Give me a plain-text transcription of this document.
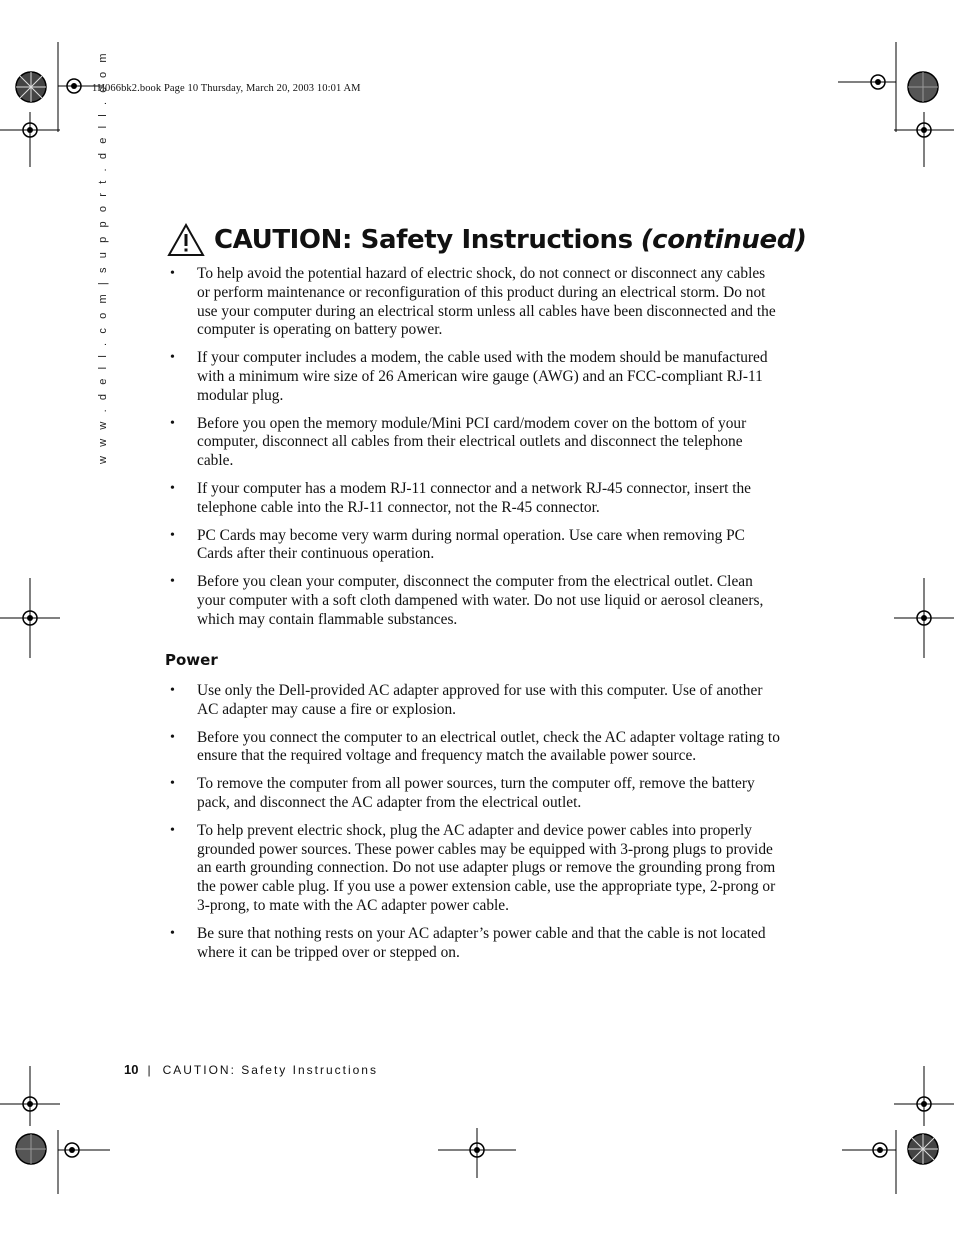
1H066bk2.book Page 10 Thursday, March 20, 2003 10:01 AM
w w w . d e l l . c o m | s u p p o r t . d e l l . c o m	CAUTION: Safety Instructions (continued)
• To help avoid the potential hazard of electric shock, do not connect or disconnect any cables or perform maintenance or reconfiguration of this product during an electrical storm. Do not use your computer during an electrical storm unless all cables have been disconnected and the computer is operating on battery power.
• If your computer includes a modem, the cable used with the modem should be manufactured with a minimum wire size of 26 American wire gauge (AWG) and an FCC-compliant RJ-11 modular plug.
• Before you open the memory module/Mini PCI card/modem cover on the bottom of your computer, disconnect all cables from their electrical outlets and disconnect the telephone cable.
• If your computer has a modem RJ-11 connector and a network RJ-45 connector, insert the telephone cable into the RJ-11 connector, not the R-45 connector.
• PC Cards may become very warm during normal operation. Use care when removing PC Cards after their continuous operation.
• Before you clean your computer, disconnect the computer from the electrical outlet. Clean your computer with a soft cloth dampened with water. Do not use liquid or aerosol cleaners, which may contain flammable substances.
Power
• Use only the Dell-provided AC adapter approved for use with this computer. Use of another AC adapter may cause a fire or explosion.
• Before you connect the computer to an electrical outlet, check the AC adapter voltage rating to ensure that the required voltage and frequency match the available power source.
• To remove the computer from all power sources, turn the computer off, remove the battery pack, and disconnect the AC adapter from the electrical outlet.
• To help prevent electric shock, plug the AC adapter and device power cables into properly grounded power sources. These power cables may be equipped with 3-prong plugs to provide an earth grounding connection. Do not use adapter plugs or remove the grounding prong from the power cable plug. If you use a power extension cable, use the appropriate type, 2-prong or 3-prong, to mate with the AC adapter power cable.
• Be sure that nothing rests on your AC adapter’s power cable and that the cable is not located where it can be tripped over or stepped on.
10 | CAUTION: Safety Instructions
